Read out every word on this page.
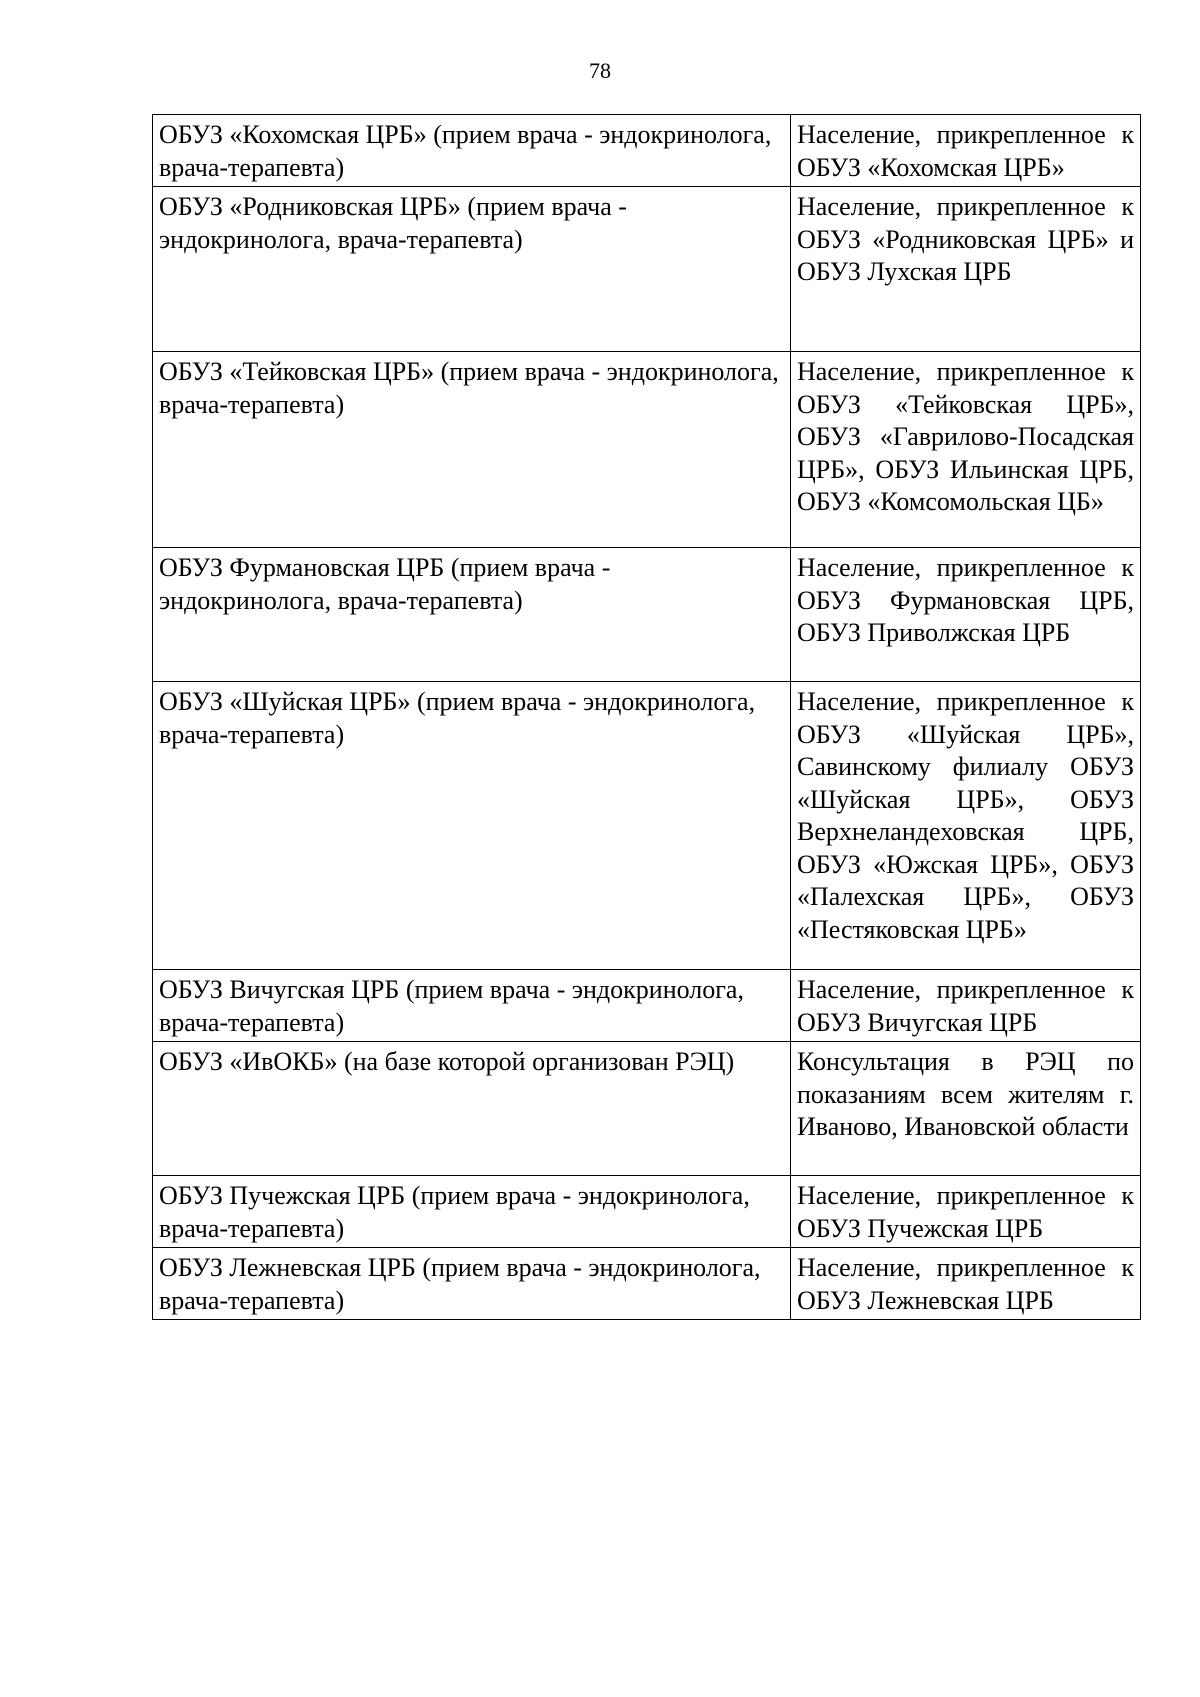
78
ОБУЗ «Кохомская ЦРБ» (прием врача - эндокринолога, врача-терапевта)	Население, прикрепленное к ОБУЗ «Кохомская ЦРБ»
ОБУЗ «Родниковская ЦРБ» (прием врача - эндокринолога, врача-терапевта)	Население, прикрепленное к ОБУЗ «Родниковская ЦРБ» и ОБУЗ Лухская ЦРБ
ОБУЗ «Тейковская ЦРБ» (прием врача - эндокринолога, врача-терапевта)	Население, прикрепленное к ОБУЗ «Тейковская ЦРБ», ОБУЗ «Гаврилово-Посадская ЦРБ», ОБУЗ Ильинская ЦРБ, ОБУЗ «Комсомольская ЦБ»
ОБУЗ Фурмановская ЦРБ (прием врача - эндокринолога, врача-терапевта)	Население, прикрепленное к ОБУЗ Фурмановская ЦРБ, ОБУЗ Приволжская ЦРБ
ОБУЗ «Шуйская ЦРБ» (прием врача - эндокринолога, врача-терапевта)	Население, прикрепленное к ОБУЗ «Шуйская ЦРБ», Савинскому филиалу ОБУЗ «Шуйская ЦРБ», ОБУЗ Верхнеландеховская ЦРБ, ОБУЗ «Южская ЦРБ», ОБУЗ «Палехская ЦРБ», ОБУЗ «Пестяковская ЦРБ»
ОБУЗ Вичугская ЦРБ (прием врача - эндокринолога, врача-терапевта)	Население, прикрепленное к ОБУЗ Вичугская ЦРБ
ОБУЗ «ИвОКБ» (на базе которой организован РЭЦ)	Консультация в РЭЦ по показаниям всем жителям г. Иваново, Ивановской области
ОБУЗ Пучежская ЦРБ (прием врача - эндокринолога, врача-терапевта)	Население, прикрепленное к ОБУЗ Пучежская ЦРБ
ОБУЗ Лежневская ЦРБ (прием врача - эндокринолога, врача-терапевта)	Население, прикрепленное к ОБУЗ Лежневская ЦРБ
